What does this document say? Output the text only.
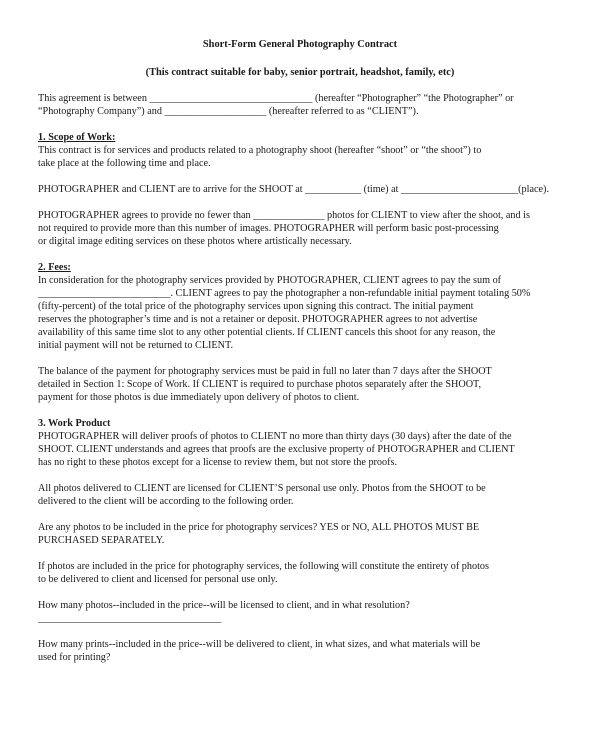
Short-Form General Photography Contract
(This contract suitable for baby, senior portrait, headshot, family, etc)

This agreement is between ________________________________ (hereafter “Photographer” “the Photographer” or

“Photography Company”) and ____________________ (hereafter referred to as “CLIENT”).

1. Scope of Work:

This contract is for services and products related to a photography shoot (hereafter “shoot” or “the shoot”) to

take place at the following time and place.

PHOTOGRAPHER and CLIENT are to arrive for the SHOOT at ___________ (time) at _______________________(place).

PHOTOGRAPHER agrees to provide no fewer than ______________ photos for CLIENT to view after the shoot, and is

not required to provide more than this number of images. PHOTOGRAPHER will perform basic post-processing

or digital image editing services on these photos where artistically necessary.

2. Fees:

In consideration for the photography services provided by PHOTOGRAPHER, CLIENT agrees to pay the sum of

__________________________. CLIENT agrees to pay the photographer a non-refundable initial payment totaling 50%

(fifty-percent) of the total price of the photography services upon signing this contract. The initial payment

reserves the photographer’s time and is not a retainer or deposit. PHOTOGRAPHER agrees to not advertise

availability of this same time slot to any other potential clients. If CLIENT cancels this shoot for any reason, the

initial payment will not be returned to CLIENT.

The balance of the payment for photography services must be paid in full no later than 7 days after the SHOOT

detailed in Section 1: Scope of Work. If CLIENT is required to purchase photos separately after the SHOOT,

payment for those photos is due immediately upon delivery of photos to client.

3. Work Product

PHOTOGRAPHER will deliver proofs of photos to CLIENT no more than thirty days (30 days) after the date of the

SHOOT. CLIENT understands and agrees that proofs are the exclusive property of PHOTOGRAPHER and CLIENT

has no right to these photos except for a license to review them, but not store the proofs.

All photos delivered to CLIENT are licensed for CLIENT’S personal use only. Photos from the SHOOT to be

delivered to the client will be according to the following order.

Are any photos to be included in the price for photography services? YES or NO, ALL PHOTOS MUST BE

PURCHASED SEPARATELY.

If photos are included in the price for photography services, the following will constitute the entirety of photos

to be delivered to client and licensed for personal use only.

How many photos--included in the price--will be licensed to client, and in what resolution?

____________________________________

How many prints--included in the price--will be delivered to client, in what sizes, and what materials will be

used for printing?
